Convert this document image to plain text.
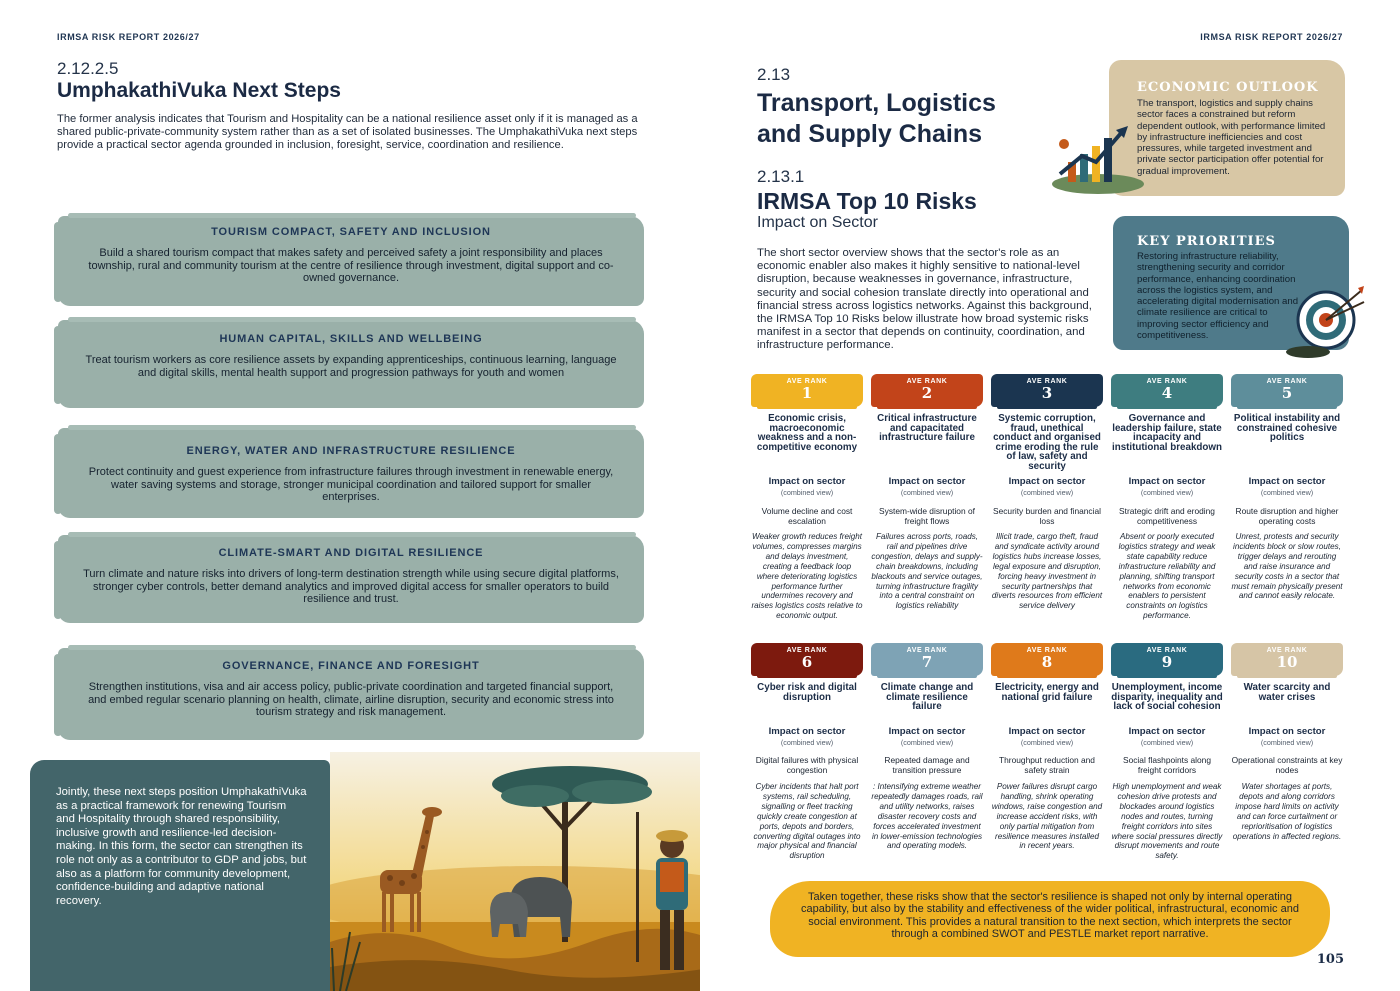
IRMSA RISK REPORT 2026/27
2.12.2.5
UmphakathiVuka Next Steps

The former analysis indicates that Tourism and Hospitality can be a national resilience asset only if it is managed as a shared public-private-community system rather than as a set of isolated businesses. The UmphakathiVuka next steps provide a practical sector agenda grounded in inclusion, foresight, service, coordination and resilience.

TOURISM COMPACT, SAFETY AND INCLUSION
Build a shared tourism compact that makes safety and perceived safety a joint responsibility and places township, rural and community tourism at the centre of resilience through investment, digital support and co-owned governance.
HUMAN CAPITAL, SKILLS AND WELLBEING
Treat tourism workers as core resilience assets by expanding apprenticeships, continuous learning, language and digital skills, mental health support and progression pathways for youth and women
ENERGY, WATER AND INFRASTRUCTURE RESILIENCE
Protect continuity and guest experience from infrastructure failures through investment in renewable energy, water saving systems and storage, stronger municipal coordination and tailored support for smaller enterprises.
CLIMATE-SMART AND DIGITAL RESILIENCE
Turn climate and nature risks into drivers of long-term destination strength while using secure digital platforms, stronger cyber controls, better demand analytics and improved digital access for smaller operators to build resilience and trust.
GOVERNANCE, FINANCE AND FORESIGHT
Strengthen institutions, visa and air access policy, public-private coordination and targeted financial support, and embed regular scenario planning on health, climate, airline disruption, security and economic stress into tourism strategy and risk management.

Jointly, these next steps position UmphakathiVuka as a practical framework for renewing Tourism and Hospitality through shared responsibility, inclusive growth and resilience-led decision-making. In this form, the sector can strengthen its role not only as a contributor to GDP and jobs, but also as a platform for community development, confidence-building and adaptive national recovery.

IRMSA RISK REPORT 2026/27
2.13
Transport, Logistics
and Supply Chains
2.13.1
IRMSA Top 10 Risks
Impact on Sector

The short sector overview shows that the sector's role as an economic enabler also makes it highly sensitive to national-level disruption, because weaknesses in governance, infrastructure, security and social cohesion translate directly into operational and financial stress across logistics networks. Against this background, the IRMSA Top 10 Risks below illustrate how broad systemic risks manifest in a sector that depends on continuity, coordination, and infrastructure performance.

ECONOMIC OUTLOOK
The transport, logistics and supply chains sector faces a constrained but reform dependent outlook, with performance limited by infrastructure inefficiencies and cost pressures, while targeted investment and private sector participation offer potential for gradual improvement.
KEY PRIORITIES
Restoring infrastructure reliability, strengthening security and corridor performance, enhancing coordination across the logistics system, and accelerating digital modernisation and climate resilience are critical to improving sector efficiency and competitiveness.
AVE RANK
1
Economic crisis, macroeconomic weakness and a non-competitive economy
Impact on sector
(combined view)
Volume decline and cost escalation
Weaker growth reduces freight volumes, compresses margins and delays investment, creating a feedback loop where deteriorating logistics performance further undermines recovery and raises logistics costs relative to economic output.
AVE RANK
2
Critical infrastructure and capacitated infrastructure failure
Impact on sector
(combined view)
System-wide disruption of freight flows
Failures across ports, roads, rail and pipelines drive congestion, delays and supply-chain breakdowns, including blackouts and service outages, turning infrastructure fragility into a central constraint on logistics reliability
AVE RANK
3
Systemic corruption, fraud, unethical conduct and organised crime eroding the rule of law, safety and security
Impact on sector
(combined view)
Security burden and financial loss
Illicit trade, cargo theft, fraud and syndicate activity around logistics hubs increase losses, legal exposure and disruption, forcing heavy investment in security partnerships that diverts resources from efficient service delivery
AVE RANK
4
Governance and leadership failure, state incapacity and institutional breakdown
Impact on sector
(combined view)
Strategic drift and eroding competitiveness
Absent or poorly executed logistics strategy and weak state capability reduce infrastructure reliability and planning, shifting transport networks from economic enablers to persistent constraints on logistics performance.
AVE RANK
5
Political instability and constrained cohesive politics
Impact on sector
(combined view)
Route disruption and higher operating costs
Unrest, protests and security incidents block or slow routes, trigger delays and rerouting and raise insurance and security costs in a sector that must remain physically present and cannot easily relocate.
AVE RANK
6
Cyber risk and digital disruption
Impact on sector
(combined view)
Digital failures with physical congestion
Cyber incidents that halt port systems, rail scheduling, signalling or fleet tracking quickly create congestion at ports, depots and borders, converting digital outages into major physical and financial disruption
AVE RANK
7
Climate change and climate resilience failure
Impact on sector
(combined view)
Repeated damage and transition pressure
: Intensifying extreme weather repeatedly damages roads, rail and utility networks, raises disaster recovery costs and forces accelerated investment in lower-emission technologies and operating models.
AVE RANK
8
Electricity, energy and national grid failure
Impact on sector
(combined view)
Throughput reduction and safety strain
Power failures disrupt cargo handling, shrink operating windows, raise congestion and increase accident risks, with only partial mitigation from resilience measures installed in recent years.
AVE RANK
9
Unemployment, income disparity, inequality and lack of social cohesion
Impact on sector
(combined view)
Social flashpoints along freight corridors
High unemployment and weak cohesion drive protests and blockades around logistics nodes and routes, turning freight corridors into sites where social pressures directly disrupt movements and route safety.
AVE RANK
10
Water scarcity and water crises
Impact on sector
(combined view)
Operational constraints at key nodes
Water shortages at ports, depots and along corridors impose hard limits on activity and can force curtailment or reprioritisation of logistics operations in affected regions.
Taken together, these risks show that the sector's resilience is shaped not only by internal operating capability, but also by the stability and effectiveness of the wider political, infrastructural, economic and social environment. This provides a natural transition to the next section, which interprets the sector through a combined SWOT and PESTLE market report narrative.
105
